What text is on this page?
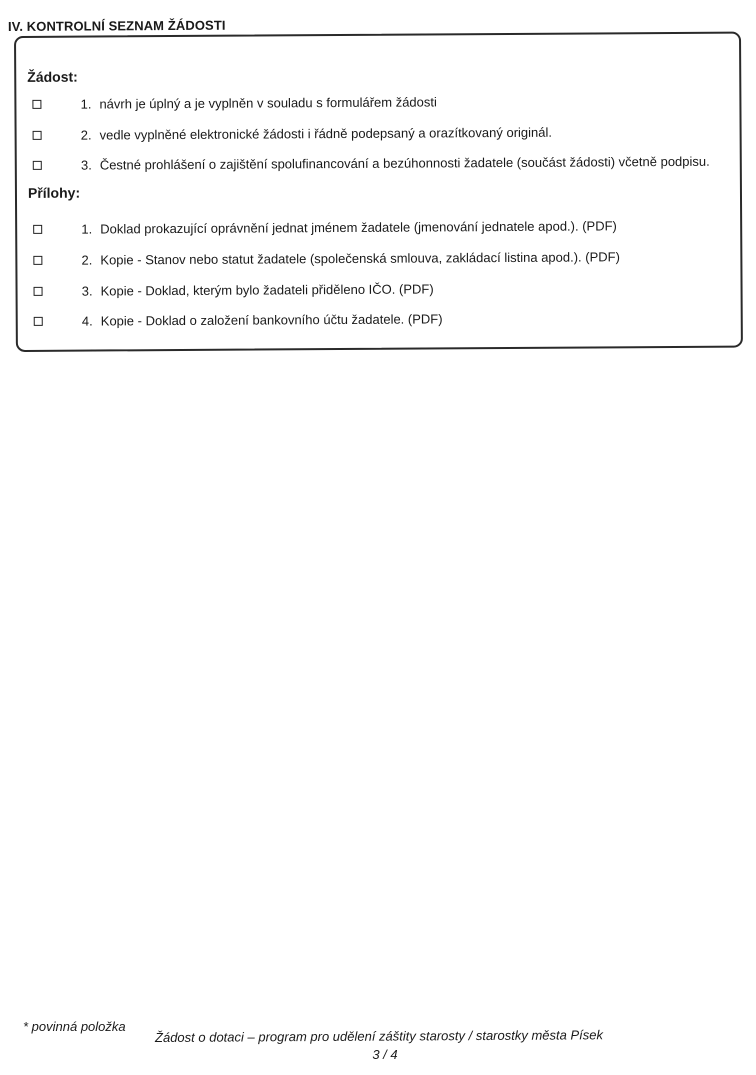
IV. KONTROLNÍ SEZNAM ŽÁDOSTI
Žádost:
1. návrh je úplný a je vyplněn v souladu s formulářem žádosti
2. vedle vyplněné elektronické žádosti i řádně podepsaný a orazítkovaný originál.
3. Čestné prohlášení o zajištění spolufinancování a bezúhonnosti žadatele (součást žádosti) včetně podpisu.
Přílohy:
1. Doklad prokazující oprávnění jednat jménem žadatele (jmenování jednatele apod.). (PDF)
2. Kopie - Stanov nebo statut žadatele (společenská smlouva, zakládací listina apod.). (PDF)
3. Kopie - Doklad, kterým bylo žadateli přiděleno IČO. (PDF)
4. Kopie - Doklad o založení bankovního účtu žadatele. (PDF)
* povinná položka
Žádost o dotaci – program pro udělení záštity starosty / starostky města Písek
3 / 4
